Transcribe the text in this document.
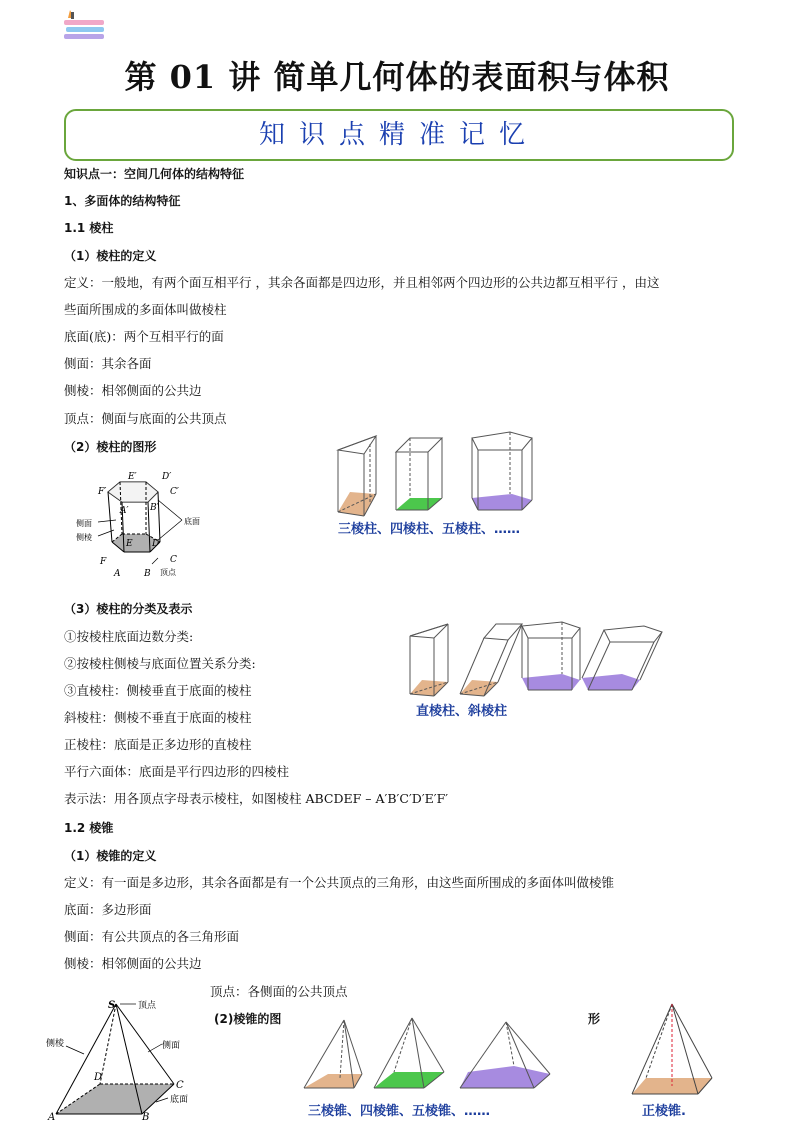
第 01 讲 简单几何体的表面积与体积
知识点精准记忆
知识点一：空间几何体的结构特征
1、多面体的结构特征
1.1 棱柱
（1）棱柱的定义
定义：一般地，有两个面互相平行 ，其余各面都是四边形，并且相邻两个四边形的公共边都互相平行 ，由这
些面所围成的多面体叫做棱柱
底面(底)：两个互相平行的面
侧面：其余各面
侧棱：相邻侧面的公共边
顶点：侧面与底面的公共顶点
（2）棱柱的图形
E′	D′
F′	C′
A′ B′
E D
F	C
A	B
侧面
侧棱
底面
顶点
三棱柱、四棱柱、五棱柱、……
（3）棱柱的分类及表示
①按棱柱底面边数分类:
②按棱柱侧棱与底面位置关系分类:
③直棱柱：侧棱垂直于底面的棱柱
斜棱柱：侧棱不垂直于底面的棱柱
正棱柱：底面是正多边形的直棱柱
平行六面体：底面是平行四边形的四棱柱
表示法：用各顶点字母表示棱柱，如图棱柱 ABCDEF – A′B′C′D′E′F′
直棱柱、斜棱柱
1.2 棱锥
（1）棱锥的定义
定义：有一面是多边形，其余各面都是有一个公共顶点的三角形，由这些面所围成的多面体叫做棱锥
底面：多边形面
侧面：有公共顶点的各三角形面
侧棱：相邻侧面的公共边
顶点：各侧面的公共顶点
(2)棱锥的图	形
S	顶点
侧棱	侧面
D
C
底面
A	B	三棱锥、四棱锥、五棱锥、……	正棱锥.
